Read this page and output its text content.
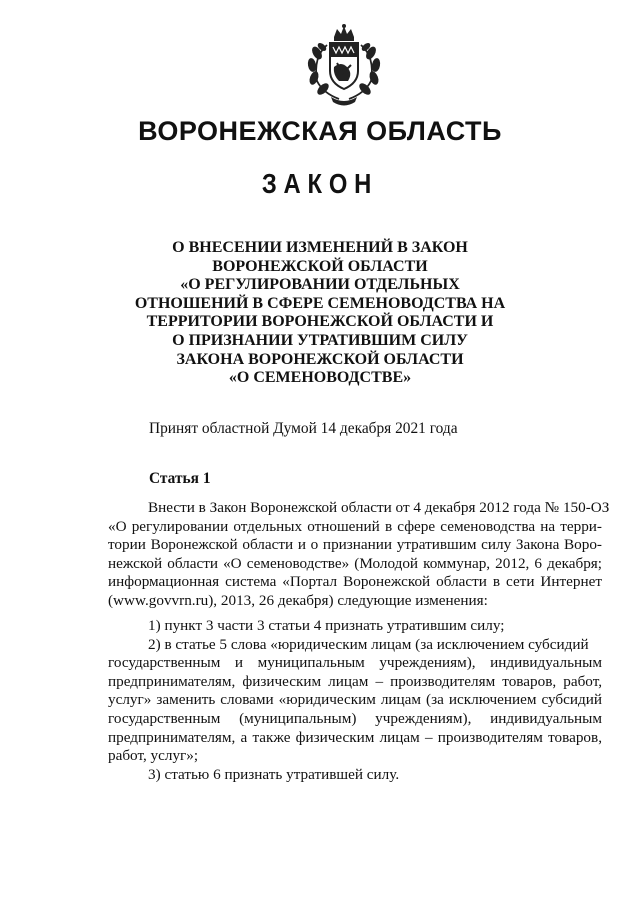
ВОРОНЕЖСКАЯ ОБЛАСТЬ
ЗАКОН
О ВНЕСЕНИИ ИЗМЕНЕНИЙ В ЗАКОН
ВОРОНЕЖСКОЙ ОБЛАСТИ
«О РЕГУЛИРОВАНИИ ОТДЕЛЬНЫХ
ОТНОШЕНИЙ В СФЕРЕ СЕМЕНОВОДСТВА НА
ТЕРРИТОРИИ ВОРОНЕЖСКОЙ ОБЛАСТИ И
О ПРИЗНАНИИ УТРАТИВШИМ СИЛУ
ЗАКОНА ВОРОНЕЖСКОЙ ОБЛАСТИ
«О СЕМЕНОВОДСТВЕ»
Принят областной Думой 14 декабря 2021 года
Статья 1
Внести в Закон Воронежской области от 4 декабря 2012 года № 150-ОЗ
«О регулировании отдельных отношений в сфере семеноводства на терри-
тории Воронежской области и о признании утратившим силу Закона Воро-
нежской области «О семеноводстве» (Молодой коммунар, 2012, 6 декабря;
информационная система «Портал Воронежской области в сети Интернет
(www.govvrn.ru), 2013, 26 декабря) следующие изменения:
1) пункт 3 части 3 статьи 4 признать утратившим силу;
2) в статье 5 слова «юридическим лицам (за исключением субсидий
государственным и муниципальным учреждениям), индивидуальным
предпринимателям, физическим лицам – производителям товаров, работ,
услуг» заменить словами «юридическим лицам (за исключением субсидий
государственным (муниципальным) учреждениям), индивидуальным
предпринимателям, а также физическим лицам – производителям товаров,
работ, услуг»;
3) статью 6 признать утратившей силу.
